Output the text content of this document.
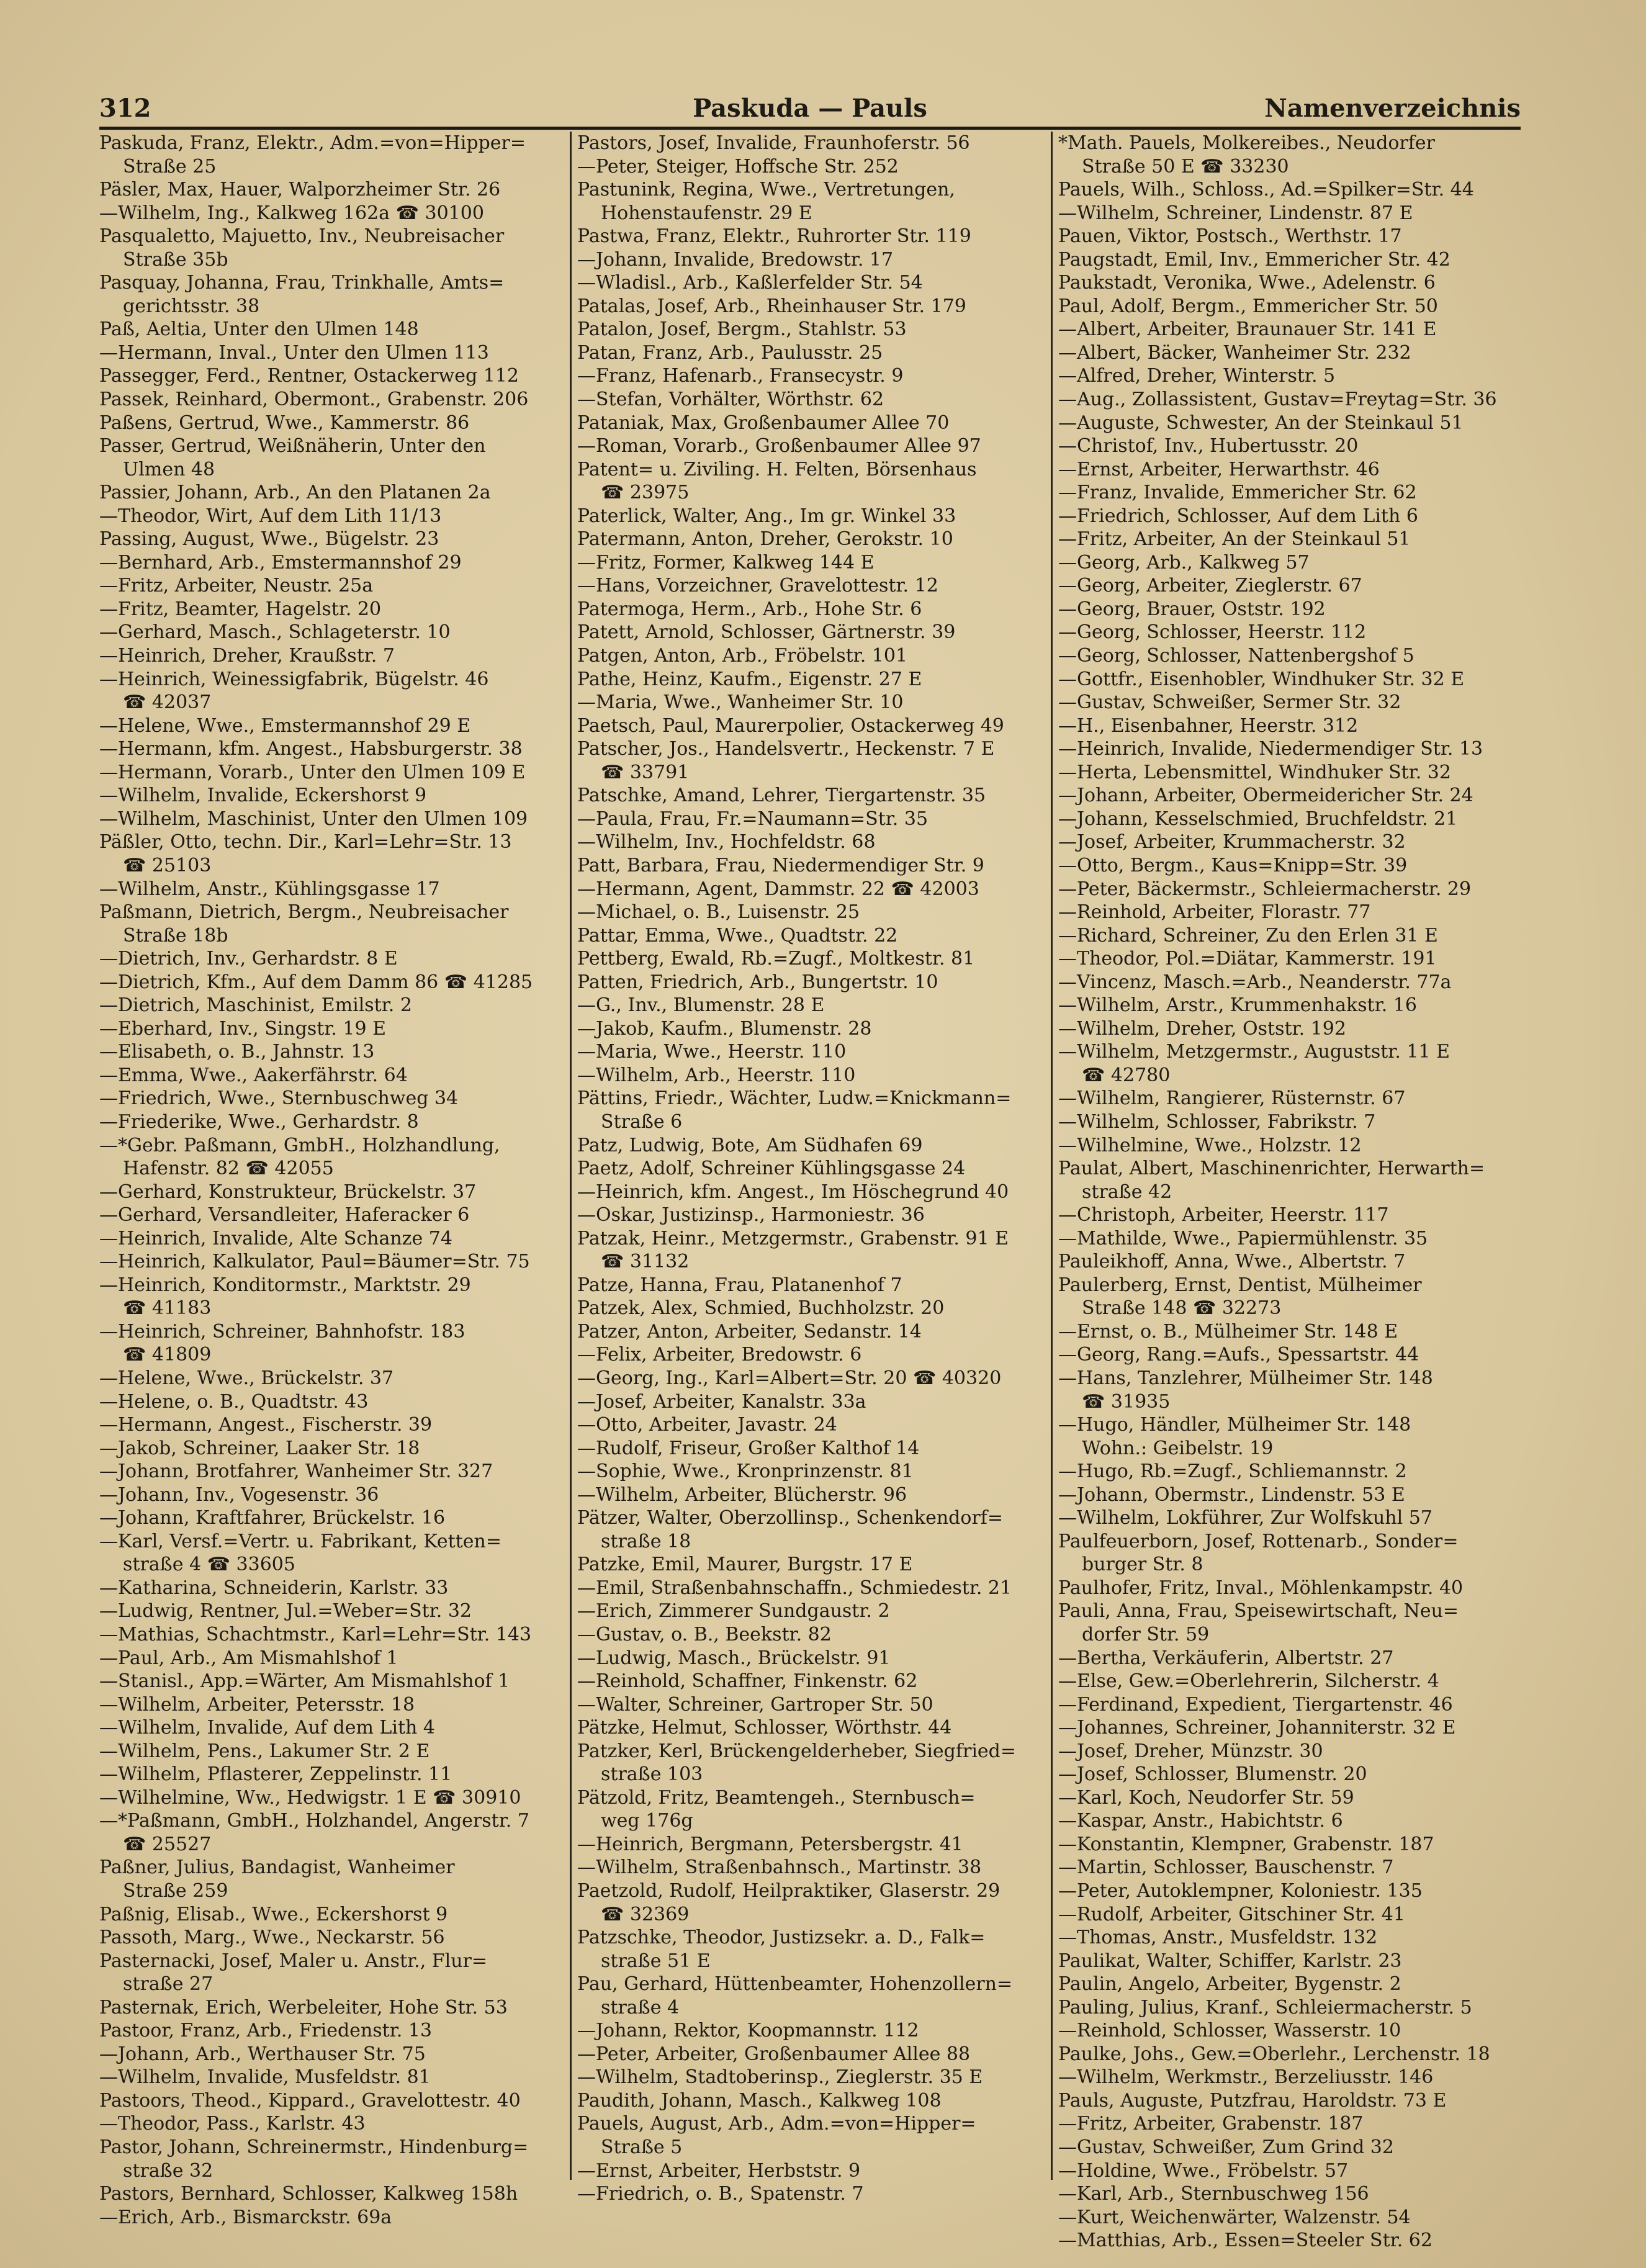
312	Paskuda — Pauls	Namenverzeichnis
Paskuda, Franz, Elektr., Adm.=von=Hipper=
Straße 25
Päsler, Max, Hauer, Walporzheimer Str. 26
—Wilhelm, Ing., Kalkweg 162a ☎ 30100
Pasqualetto, Majuetto, Inv., Neubreisacher
Straße 35b
Pasquay, Johanna, Frau, Trinkhalle, Amts=
gerichtsstr. 38
Paß, Aeltia, Unter den Ulmen 148
—Hermann, Inval., Unter den Ulmen 113
Passegger, Ferd., Rentner, Ostackerweg 112
Passek, Reinhard, Obermont., Grabenstr. 206
Paßens, Gertrud, Wwe., Kammerstr. 86
Passer, Gertrud, Weißnäherin, Unter den
Ulmen 48
Passier, Johann, Arb., An den Platanen 2a
—Theodor, Wirt, Auf dem Lith 11/13
Passing, August, Wwe., Bügelstr. 23
—Bernhard, Arb., Emstermannshof 29
—Fritz, Arbeiter, Neustr. 25a
—Fritz, Beamter, Hagelstr. 20
—Gerhard, Masch., Schlageterstr. 10
—Heinrich, Dreher, Kraußstr. 7
—Heinrich, Weinessigfabrik, Bügelstr. 46
☎ 42037
—Helene, Wwe., Emstermannshof 29 E
—Hermann, kfm. Angest., Habsburgerstr. 38
—Hermann, Vorarb., Unter den Ulmen 109 E
—Wilhelm, Invalide, Eckershorst 9
—Wilhelm, Maschinist, Unter den Ulmen 109
Päßler, Otto, techn. Dir., Karl=Lehr=Str. 13
☎ 25103
—Wilhelm, Anstr., Kühlingsgasse 17
Paßmann, Dietrich, Bergm., Neubreisacher
Straße 18b
—Dietrich, Inv., Gerhardstr. 8 E
—Dietrich, Kfm., Auf dem Damm 86 ☎ 41285
—Dietrich, Maschinist, Emilstr. 2
—Eberhard, Inv., Singstr. 19 E
—Elisabeth, o. B., Jahnstr. 13
—Emma, Wwe., Aakerfährstr. 64
—Friedrich, Wwe., Sternbuschweg 34
—Friederike, Wwe., Gerhardstr. 8
—*Gebr. Paßmann, GmbH., Holzhandlung,
Hafenstr. 82 ☎ 42055
—Gerhard, Konstrukteur, Brückelstr. 37
—Gerhard, Versandleiter, Haferacker 6
—Heinrich, Invalide, Alte Schanze 74
—Heinrich, Kalkulator, Paul=Bäumer=Str. 75
—Heinrich, Konditormstr., Marktstr. 29
☎ 41183
—Heinrich, Schreiner, Bahnhofstr. 183
☎ 41809
—Helene, Wwe., Brückelstr. 37
—Helene, o. B., Quadtstr. 43
—Hermann, Angest., Fischerstr. 39
—Jakob, Schreiner, Laaker Str. 18
—Johann, Brotfahrer, Wanheimer Str. 327
—Johann, Inv., Vogesenstr. 36
—Johann, Kraftfahrer, Brückelstr. 16
—Karl, Versf.=Vertr. u. Fabrikant, Ketten=
straße 4 ☎ 33605
—Katharina, Schneiderin, Karlstr. 33
—Ludwig, Rentner, Jul.=Weber=Str. 32
—Mathias, Schachtmstr., Karl=Lehr=Str. 143
—Paul, Arb., Am Mismahlshof 1
—Stanisl., App.=Wärter, Am Mismahlshof 1
—Wilhelm, Arbeiter, Petersstr. 18
—Wilhelm, Invalide, Auf dem Lith 4
—Wilhelm, Pens., Lakumer Str. 2 E
—Wilhelm, Pflasterer, Zeppelinstr. 11
—Wilhelmine, Ww., Hedwigstr. 1 E ☎ 30910
—*Paßmann, GmbH., Holzhandel, Angerstr. 7
☎ 25527
Paßner, Julius, Bandagist, Wanheimer
Straße 259
Paßnig, Elisab., Wwe., Eckershorst 9
Passoth, Marg., Wwe., Neckarstr. 56
Pasternacki, Josef, Maler u. Anstr., Flur=
straße 27
Pasternak, Erich, Werbeleiter, Hohe Str. 53
Pastoor, Franz, Arb., Friedenstr. 13
—Johann, Arb., Werthauser Str. 75
—Wilhelm, Invalide, Musfeldstr. 81
Pastoors, Theod., Kippard., Gravelottestr. 40
—Theodor, Pass., Karlstr. 43
Pastor, Johann, Schreinermstr., Hindenburg=
straße 32
Pastors, Bernhard, Schlosser, Kalkweg 158h
—Erich, Arb., Bismarckstr. 69a
Pastors, Josef, Invalide, Fraunhoferstr. 56
—Peter, Steiger, Hoffsche Str. 252
Pastunink, Regina, Wwe., Vertretungen,
Hohenstaufenstr. 29 E
Pastwa, Franz, Elektr., Ruhrorter Str. 119
—Johann, Invalide, Bredowstr. 17
—Wladisl., Arb., Kaßlerfelder Str. 54
Patalas, Josef, Arb., Rheinhauser Str. 179
Patalon, Josef, Bergm., Stahlstr. 53
Patan, Franz, Arb., Paulusstr. 25
—Franz, Hafenarb., Fransecystr. 9
—Stefan, Vorhälter, Wörthstr. 62
Pataniak, Max, Großenbaumer Allee 70
—Roman, Vorarb., Großenbaumer Allee 97
Patent= u. Ziviling. H. Felten, Börsenhaus
☎ 23975
Paterlick, Walter, Ang., Im gr. Winkel 33
Patermann, Anton, Dreher, Gerokstr. 10
—Fritz, Former, Kalkweg 144 E
—Hans, Vorzeichner, Gravelottestr. 12
Patermoga, Herm., Arb., Hohe Str. 6
Patett, Arnold, Schlosser, Gärtnerstr. 39
Patgen, Anton, Arb., Fröbelstr. 101
Pathe, Heinz, Kaufm., Eigenstr. 27 E
—Maria, Wwe., Wanheimer Str. 10
Paetsch, Paul, Maurerpolier, Ostackerweg 49
Patscher, Jos., Handelsvertr., Heckenstr. 7 E
☎ 33791
Patschke, Amand, Lehrer, Tiergartenstr. 35
—Paula, Frau, Fr.=Naumann=Str. 35
—Wilhelm, Inv., Hochfeldstr. 68
Patt, Barbara, Frau, Niedermendiger Str. 9
—Hermann, Agent, Dammstr. 22 ☎ 42003
—Michael, o. B., Luisenstr. 25
Pattar, Emma, Wwe., Quadtstr. 22
Pettberg, Ewald, Rb.=Zugf., Moltkestr. 81
Patten, Friedrich, Arb., Bungertstr. 10
—G., Inv., Blumenstr. 28 E
—Jakob, Kaufm., Blumenstr. 28
—Maria, Wwe., Heerstr. 110
—Wilhelm, Arb., Heerstr. 110
Pättins, Friedr., Wächter, Ludw.=Knickmann=
Straße 6
Patz, Ludwig, Bote, Am Südhafen 69
Paetz, Adolf, Schreiner Kühlingsgasse 24
—Heinrich, kfm. Angest., Im Höschegrund 40
—Oskar, Justizinsp., Harmoniestr. 36
Patzak, Heinr., Metzgermstr., Grabenstr. 91 E
☎ 31132
Patze, Hanna, Frau, Platanenhof 7
Patzek, Alex, Schmied, Buchholzstr. 20
Patzer, Anton, Arbeiter, Sedanstr. 14
—Felix, Arbeiter, Bredowstr. 6
—Georg, Ing., Karl=Albert=Str. 20 ☎ 40320
—Josef, Arbeiter, Kanalstr. 33a
—Otto, Arbeiter, Javastr. 24
—Rudolf, Friseur, Großer Kalthof 14
—Sophie, Wwe., Kronprinzenstr. 81
—Wilhelm, Arbeiter, Blücherstr. 96
Pätzer, Walter, Oberzollinsp., Schenkendorf=
straße 18
Patzke, Emil, Maurer, Burgstr. 17 E
—Emil, Straßenbahnschaffn., Schmiedestr. 21
—Erich, Zimmerer Sundgaustr. 2
—Gustav, o. B., Beekstr. 82
—Ludwig, Masch., Brückelstr. 91
—Reinhold, Schaffner, Finkenstr. 62
—Walter, Schreiner, Gartroper Str. 50
Pätzke, Helmut, Schlosser, Wörthstr. 44
Patzker, Kerl, Brückengelderheber, Siegfried=
straße 103
Pätzold, Fritz, Beamtengeh., Sternbusch=
weg 176g
—Heinrich, Bergmann, Petersbergstr. 41
—Wilhelm, Straßenbahnsch., Martinstr. 38
Paetzold, Rudolf, Heilpraktiker, Glaserstr. 29
☎ 32369
Patzschke, Theodor, Justizsekr. a. D., Falk=
straße 51 E
Pau, Gerhard, Hüttenbeamter, Hohenzollern=
straße 4
—Johann, Rektor, Koopmannstr. 112
—Peter, Arbeiter, Großenbaumer Allee 88
—Wilhelm, Stadtoberinsp., Zieglerstr. 35 E
Paudith, Johann, Masch., Kalkweg 108
Pauels, August, Arb., Adm.=von=Hipper=
Straße 5
—Ernst, Arbeiter, Herbststr. 9
—Friedrich, o. B., Spatenstr. 7
*Math. Pauels, Molkereibes., Neudorfer
Straße 50 E ☎ 33230
Pauels, Wilh., Schloss., Ad.=Spilker=Str. 44
—Wilhelm, Schreiner, Lindenstr. 87 E
Pauen, Viktor, Postsch., Werthstr. 17
Paugstadt, Emil, Inv., Emmericher Str. 42
Paukstadt, Veronika, Wwe., Adelenstr. 6
Paul, Adolf, Bergm., Emmericher Str. 50
—Albert, Arbeiter, Braunauer Str. 141 E
—Albert, Bäcker, Wanheimer Str. 232
—Alfred, Dreher, Winterstr. 5
—Aug., Zollassistent, Gustav=Freytag=Str. 36
—Auguste, Schwester, An der Steinkaul 51
—Christof, Inv., Hubertusstr. 20
—Ernst, Arbeiter, Herwarthstr. 46
—Franz, Invalide, Emmericher Str. 62
—Friedrich, Schlosser, Auf dem Lith 6
—Fritz, Arbeiter, An der Steinkaul 51
—Georg, Arb., Kalkweg 57
—Georg, Arbeiter, Zieglerstr. 67
—Georg, Brauer, Oststr. 192
—Georg, Schlosser, Heerstr. 112
—Georg, Schlosser, Nattenbergshof 5
—Gottfr., Eisenhobler, Windhuker Str. 32 E
—Gustav, Schweißer, Sermer Str. 32
—H., Eisenbahner, Heerstr. 312
—Heinrich, Invalide, Niedermendiger Str. 13
—Herta, Lebensmittel, Windhuker Str. 32
—Johann, Arbeiter, Obermeidericher Str. 24
—Johann, Kesselschmied, Bruchfeldstr. 21
—Josef, Arbeiter, Krummacherstr. 32
—Otto, Bergm., Kaus=Knipp=Str. 39
—Peter, Bäckermstr., Schleiermacherstr. 29
—Reinhold, Arbeiter, Florastr. 77
—Richard, Schreiner, Zu den Erlen 31 E
—Theodor, Pol.=Diätar, Kammerstr. 191
—Vincenz, Masch.=Arb., Neanderstr. 77a
—Wilhelm, Arstr., Krummenhakstr. 16
—Wilhelm, Dreher, Oststr. 192
—Wilhelm, Metzgermstr., Auguststr. 11 E
☎ 42780
—Wilhelm, Rangierer, Rüsternstr. 67
—Wilhelm, Schlosser, Fabrikstr. 7
—Wilhelmine, Wwe., Holzstr. 12
Paulat, Albert, Maschinenrichter, Herwarth=
straße 42
—Christoph, Arbeiter, Heerstr. 117
—Mathilde, Wwe., Papiermühlenstr. 35
Pauleikhoff, Anna, Wwe., Albertstr. 7
Paulerberg, Ernst, Dentist, Mülheimer
Straße 148 ☎ 32273
—Ernst, o. B., Mülheimer Str. 148 E
—Georg, Rang.=Aufs., Spessartstr. 44
—Hans, Tanzlehrer, Mülheimer Str. 148
☎ 31935
—Hugo, Händler, Mülheimer Str. 148
Wohn.: Geibelstr. 19
—Hugo, Rb.=Zugf., Schliemannstr. 2
—Johann, Obermstr., Lindenstr. 53 E
—Wilhelm, Lokführer, Zur Wolfskuhl 57
Paulfeuerborn, Josef, Rottenarb., Sonder=
burger Str. 8
Paulhofer, Fritz, Inval., Möhlenkampstr. 40
Pauli, Anna, Frau, Speisewirtschaft, Neu=
dorfer Str. 59
—Bertha, Verkäuferin, Albertstr. 27
—Else, Gew.=Oberlehrerin, Silcherstr. 4
—Ferdinand, Expedient, Tiergartenstr. 46
—Johannes, Schreiner, Johanniterstr. 32 E
—Josef, Dreher, Münzstr. 30
—Josef, Schlosser, Blumenstr. 20
—Karl, Koch, Neudorfer Str. 59
—Kaspar, Anstr., Habichtstr. 6
—Konstantin, Klempner, Grabenstr. 187
—Martin, Schlosser, Bauschenstr. 7
—Peter, Autoklempner, Koloniestr. 135
—Rudolf, Arbeiter, Gitschiner Str. 41
—Thomas, Anstr., Musfeldstr. 132
Paulikat, Walter, Schiffer, Karlstr. 23
Paulin, Angelo, Arbeiter, Bygenstr. 2
Pauling, Julius, Kranf., Schleiermacherstr. 5
—Reinhold, Schlosser, Wasserstr. 10
Paulke, Johs., Gew.=Oberlehr., Lerchenstr. 18
—Wilhelm, Werkmstr., Berzeliusstr. 146
Pauls, Auguste, Putzfrau, Haroldstr. 73 E
—Fritz, Arbeiter, Grabenstr. 187
—Gustav, Schweißer, Zum Grind 32
—Holdine, Wwe., Fröbelstr. 57
—Karl, Arb., Sternbuschweg 156
—Kurt, Weichenwärter, Walzenstr. 54
—Matthias, Arb., Essen=Steeler Str. 62
